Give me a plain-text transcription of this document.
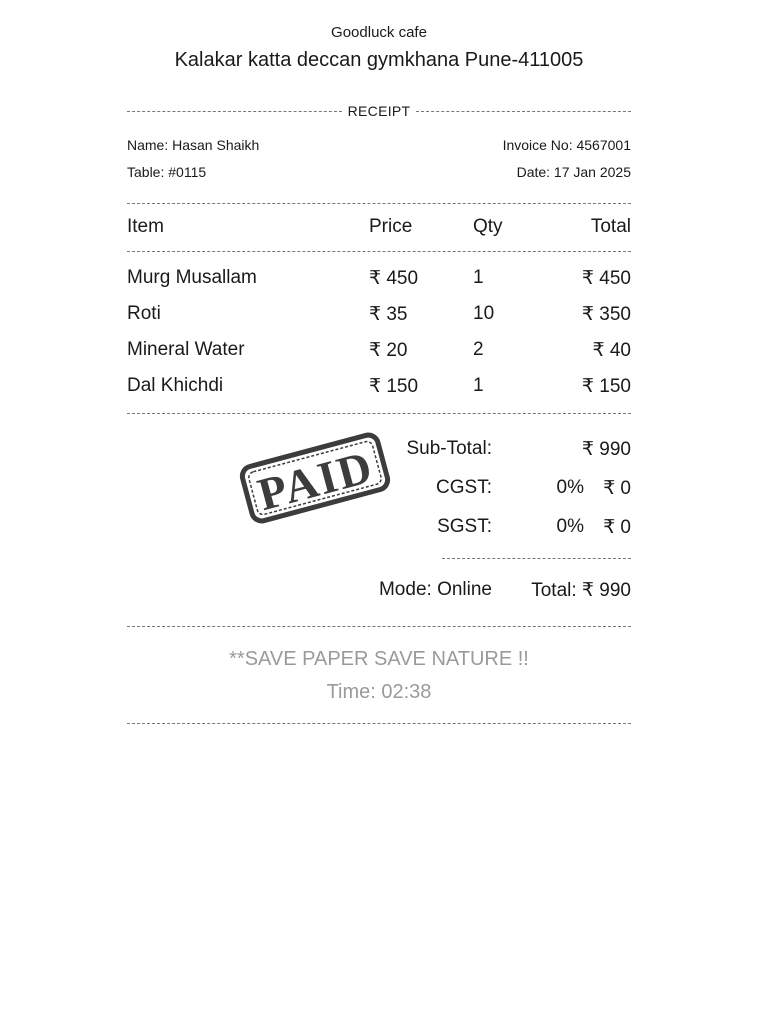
Goodluck cafe
Kalakar katta deccan gymkhana Pune-411005
RECEIPT
Name: Hasan Shaikh	Invoice No: 4567001
Table: #0115	Date: 17 Jan 2025
Item	Price	Qty	Total
Murg Musallam	₹ 450	1	₹ 450
Roti	₹ 35	10	₹ 350
Mineral Water	₹ 20	2	₹ 40
Dal Khichdi	₹ 150	1	₹ 150
PAID Sub-Total:	₹ 990
CGST:	0% ₹ 0
SGST:	0% ₹ 0
Mode: Online Total: ₹ 990
**SAVE PAPER SAVE NATURE !!
Time: 02:38
